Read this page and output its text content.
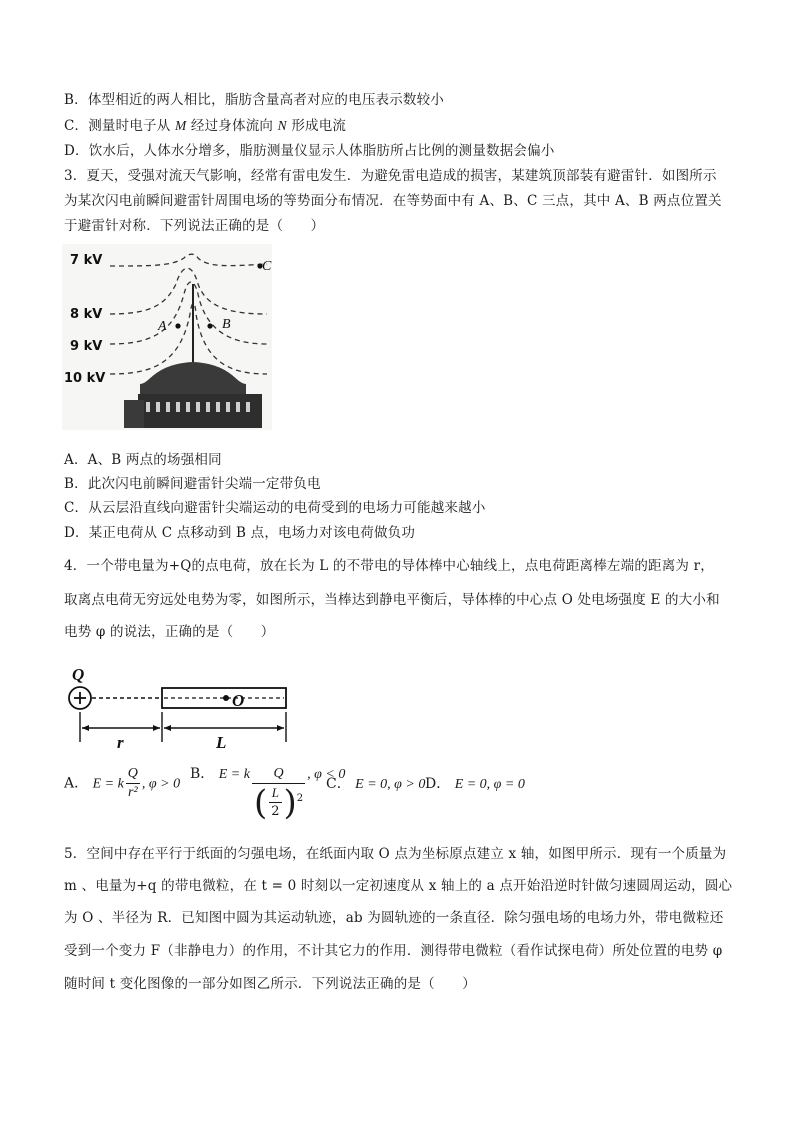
B．体型相近的两人相比，脂肪含量高者对应的电压表示数较小
C．测量时电子从 M 经过身体流向 N 形成电流
D．饮水后，人体水分增多，脂肪测量仪显示人体脂肪所占比例的测量数据会偏小
3．夏天，受强对流天气影响，经常有雷电发生．为避免雷电造成的损害，某建筑顶部装有避雷针．如图所示
为某次闪电前瞬间避雷针周围电场的等势面分布情况．在等势面中有 A、B、C 三点，其中 A、B 两点位置关
于避雷针对称．下列说法正确的是（　　）
7 kV
8 kV
9 kV
10 kV
A	B
C
A．A、B 两点的场强相同
B．此次闪电前瞬间避雷针尖端一定带负电
C．从云层沿直线向避雷针尖端运动的电荷受到的电场力可能越来越小
D．某正电荷从 C 点移动到 B 点，电场力对该电荷做负功
4．一个带电量为+Q的点电荷，放在长为 L 的不带电的导体棒中心轴线上，点电荷距离棒左端的距离为 r，
取离点电荷无穷远处电势为零，如图所示，当棒达到静电平衡后，导体棒的中心点 O 处电场强度 E 的大小和
电势 φ 的说法，正确的是（　　）
Q
O
r	L
A． E = k $\frac{Q}{\text{r²}}$ , φ > 0
B． E = k $\frac{Q}{( \frac{L}{2} )^2}$ , φ < 0
C． E = 0, φ > 0 D． E = 0, φ = 0
5．空间中存在平行于纸面的匀强电场，在纸面内取 O 点为坐标原点建立 x 轴，如图甲所示．现有一个质量为
m 、电量为+q 的带电微粒，在 t = 0 时刻以一定初速度从 x 轴上的 a 点开始沿逆时针做匀速圆周运动，圆心
为 O 、半径为 R．已知图中圆为其运动轨迹，ab 为圆轨迹的一条直径．除匀强电场的电场力外，带电微粒还
受到一个变力 F（非静电力）的作用，不计其它力的作用．测得带电微粒（看作试探电荷）所处位置的电势 φ
随时间 t 变化图像的一部分如图乙所示．下列说法正确的是（　　）
